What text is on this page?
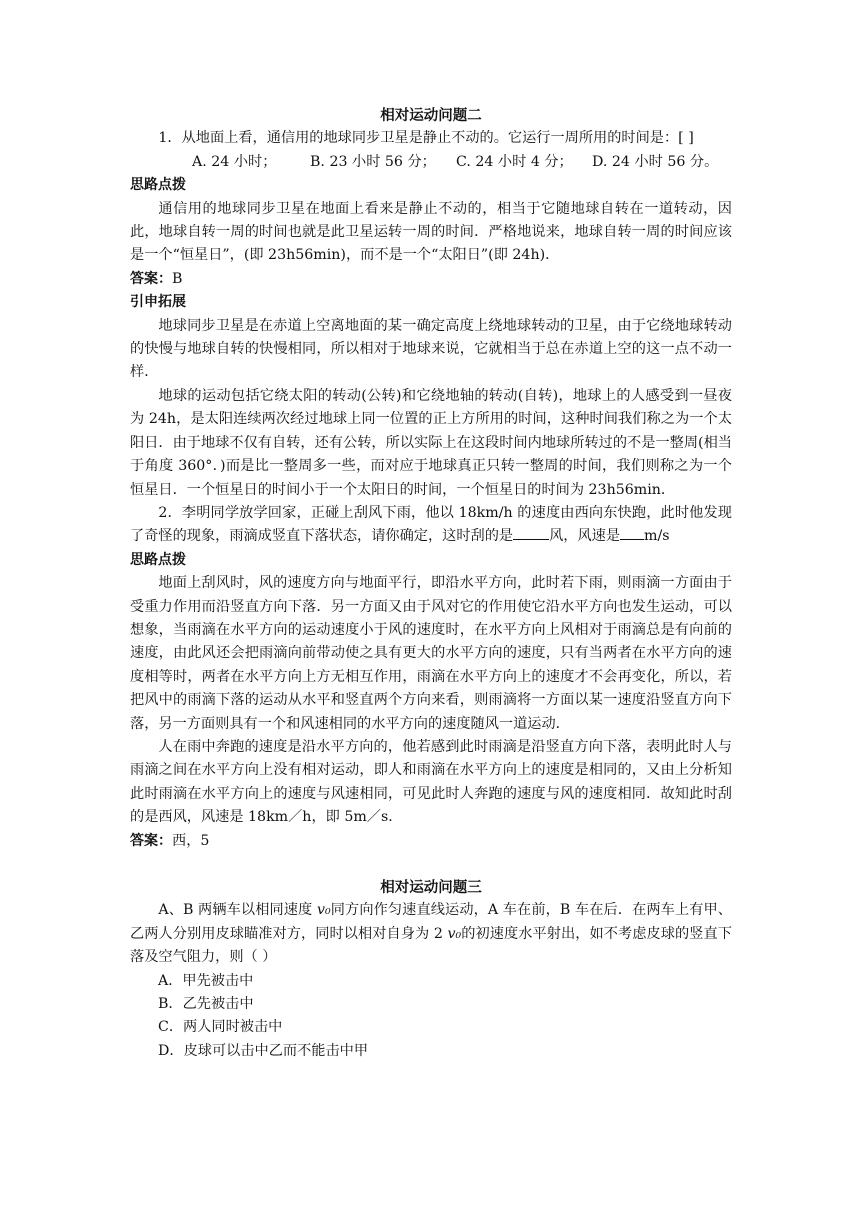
相对运动问题二

1．从地面上看，通信用的地球同步卫星是静止不动的。它运行一周所用的时间是：[ ]

A. 24 小时；	B. 23 小时 56 分；	C. 24 小时 4 分；	D. 24 小时 56 分。

思路点拨

通信用的地球同步卫星在地面上看来是静止不动的，相当于它随地球自转在一道转动，因此，地球自转一周的时间也就是此卫星运转一周的时间．严格地说来，地球自转一周的时间应该是一个“恒星日”，(即 23h56min)，而不是一个“太阳日”(即 24h)．

答案：B

引申拓展

地球同步卫星是在赤道上空离地面的某一确定高度上绕地球转动的卫星，由于它绕地球转动的快慢与地球自转的快慢相同，所以相对于地球来说，它就相当于总在赤道上空的这一点不动一样．

地球的运动包括它绕太阳的转动(公转)和它绕地轴的转动(自转)，地球上的人感受到一昼夜为 24h，是太阳连续两次经过地球上同一位置的正上方所用的时间，这种时间我们称之为一个太阳日．由于地球不仅有自转，还有公转，所以实际上在这段时间内地球所转过的不是一整周(相当于角度 360°．)而是比一整周多一些，而对应于地球真正只转一整周的时间，我们则称之为一个恒星日．一个恒星日的时间小于一个太阳日的时间，一个恒星日的时间为 23h56min．

2．李明同学放学回家，正碰上刮风下雨，他以 18km/h 的速度由西向东快跑，此时他发现了奇怪的现象，雨滴成竖直下落状态，请你确定，这时刮的是	风，风速是 m/s

思路点拨

地面上刮风时，风的速度方向与地面平行，即沿水平方向，此时若下雨，则雨滴一方面由于受重力作用而沿竖直方向下落．另一方面又由于风对它的作用使它沿水平方向也发生运动，可以想象，当雨滴在水平方向的运动速度小于风的速度时，在水平方向上风相对于雨滴总是有向前的速度，由此风还会把雨滴向前带动使之具有更大的水平方向的速度，只有当两者在水平方向的速度相等时，两者在水平方向上方无相互作用，雨滴在水平方向上的速度才不会再变化，所以，若把风中的雨滴下落的运动从水平和竖直两个方向来看，则雨滴将一方面以某一速度沿竖直方向下落，另一方面则具有一个和风速相同的水平方向的速度随风一道运动．

人在雨中奔跑的速度是沿水平方向的，他若感到此时雨滴是沿竖直方向下落，表明此时人与雨滴之间在水平方向上没有相对运动，即人和雨滴在水平方向上的速度是相同的，又由上分析知此时雨滴在水平方向上的速度与风速相同，可见此时人奔跑的速度与风的速度相同．故知此时刮的是西风，风速是 18km／h，即 5m／s．

答案：西，5

相对运动问题三

A、B 两辆车以相同速度 v₀同方向作匀速直线运动，A 车在前，B 车在后．在两车上有甲、乙两人分别用皮球瞄准对方，同时以相对自身为 2 v₀的初速度水平射出，如不考虑皮球的竖直下落及空气阻力，则（ ）

A．甲先被击中

B．乙先被击中

C．两人同时被击中

D．皮球可以击中乙而不能击中甲
